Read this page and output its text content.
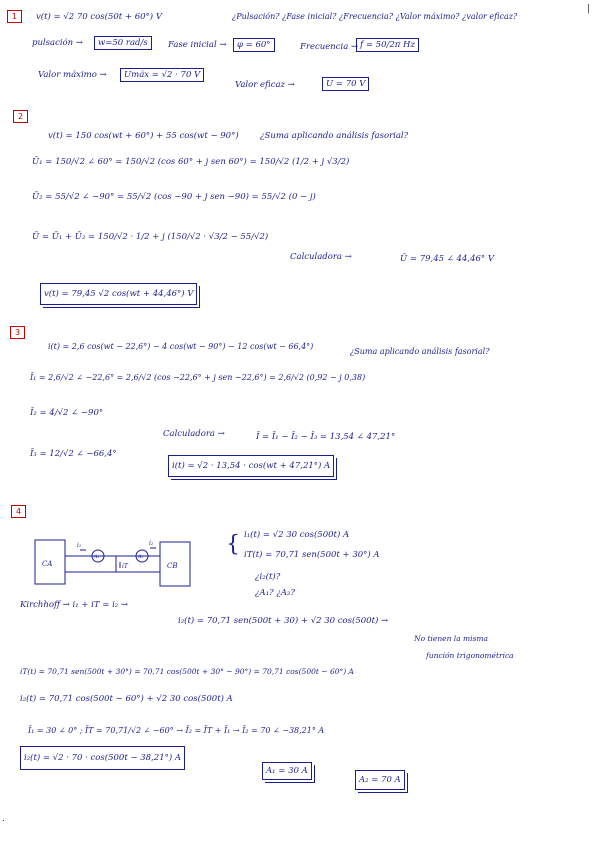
|
1	v(t) = √2 70 cos(50t + 60°) V	¿Pulsación? ¿Fase inicial? ¿Frecuencia? ¿Valor máximo? ¿valor eficaz?
pulsación →	w=50 rad/s	Fase inicial →	φ = 60°	Frecuencia → f = 50/2π Hz
Valor máximo →	Umáx = √2 · 70 V
Valor eficaz →	U = 70 V
2
v(t) = 150 cos(wt + 60°) + 55 cos(wt − 90°)	¿Suma aplicando análisis fasorial?
Ū₁ = 150/√2 ∠ 60° = 150/√2 (cos 60° + j sen 60°) = 150/√2 (1/2 + j √3/2)
Ū₂ = 55/√2 ∠ −90° = 55/√2 (cos −90 + j sen −90) = 55/√2 (0 − j)
Ū = Ū₁ + Ū₂ = 150/√2 · 1/2 + j (150/√2 · √3/2 − 55/√2)
Calculadora →	Ū = 79,45 ∠ 44,46° V
v(t) = 79,45 √2 cos(wt + 44,46°) V
3
i(t) = 2,6 cos(wt − 22,6°) − 4 cos(wt − 90°) − 12 cos(wt − 66,4°)
¿Suma aplicando análisis fasorial?
Ī₁ = 2,6/√2 ∠ −22,6° = 2,6/√2 (cos −22,6° + j sen −22,6°) = 2,6/√2 (0,92 − j 0,38)
Ī₂ = 4/√2 ∠ −90°
Calculadora →	Ī = Ī₁ − Ī₂ − Ī₃ = 13,54 ∠ 47,21°
Ī₃ = 12/√2 ∠ −66,4°
i(t) = √2 · 13,54 · cos(wt + 47,21°) A
4
CA	CB
i₁
A₁	A₂
iT
i₂	{ i₁(t) = √2 30 cos(500t) A
iT(t) = 70,71 sen(500t + 30°) A
¿i₂(t)?
¿A₁? ¿A₂?
Kirchhoff → i₁ + iT = i₂ →
i₂(t) = 70,71 sen(500t + 30) + √2 30 cos(500t) →
No tienen la misma
función trigonométrica
iT(t) = 70,71 sen(500t + 30°) = 70,71 cos(500t + 30° − 90°) = 70,71 cos(500t − 60°) A
i₂(t) = 70,71 cos(500t − 60°) + √2 30 cos(500t) A
Ī₁ = 30 ∠ 0° ; ĪT = 70,71/√2 ∠ −60° → Ī₂ = ĪT + Ī₁ → Ī₂ = 70 ∠ −38,21° A
i₂(t) = √2 · 70 · cos(500t − 38,21°) A
A₁ = 30 A
A₂ = 70 A
.
